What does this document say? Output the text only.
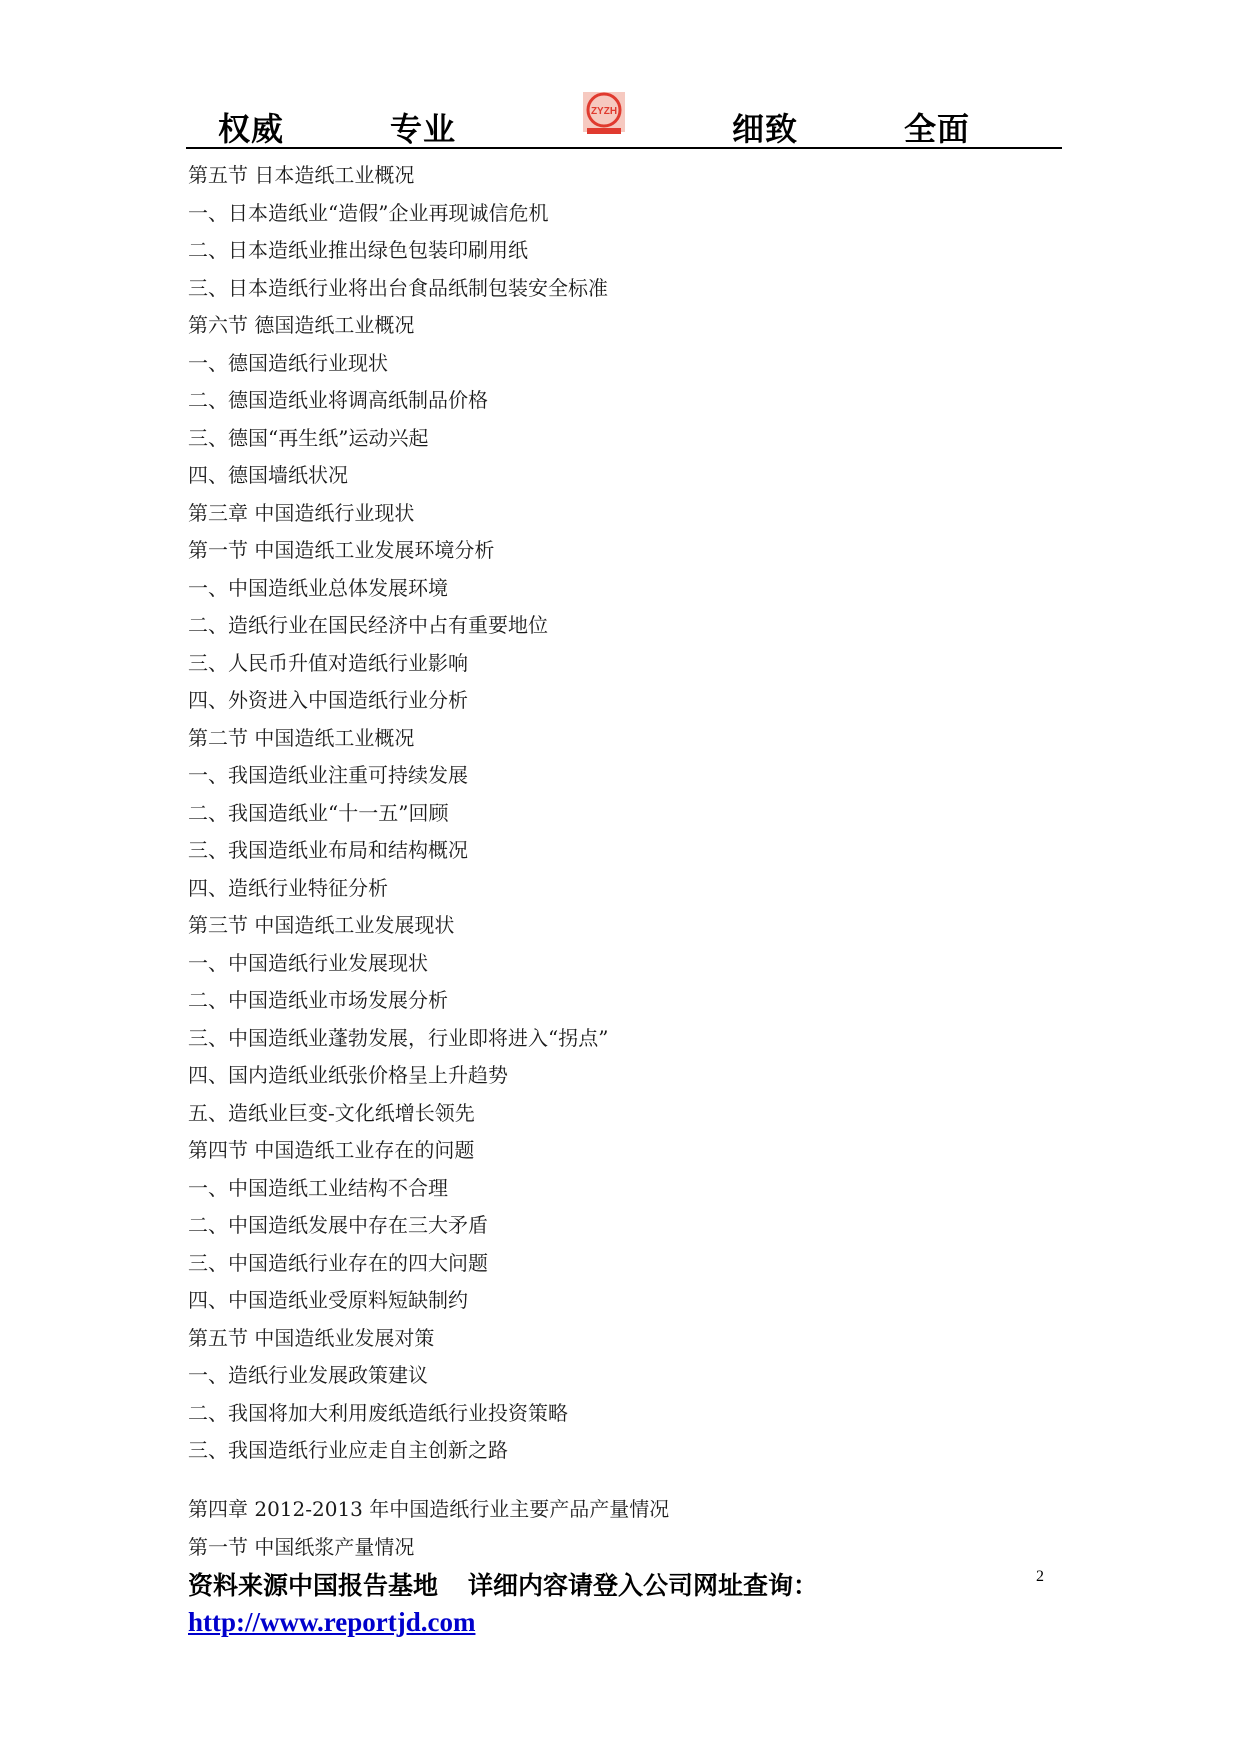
权威	专业	ZYZH	细致	全面
第五节 日本造纸工业概况
一、日本造纸业“造假”企业再现诚信危机
二、日本造纸业推出绿色包装印刷用纸
三、日本造纸行业将出台食品纸制包装安全标准
第六节 德国造纸工业概况
一、德国造纸行业现状
二、德国造纸业将调高纸制品价格
三、德国“再生纸”运动兴起
四、德国墙纸状况
第三章 中国造纸行业现状
第一节 中国造纸工业发展环境分析
一、中国造纸业总体发展环境
二、造纸行业在国民经济中占有重要地位
三、人民币升值对造纸行业影响
四、外资进入中国造纸行业分析
第二节 中国造纸工业概况
一、我国造纸业注重可持续发展
二、我国造纸业“十一五”回顾
三、我国造纸业布局和结构概况
四、造纸行业特征分析
第三节 中国造纸工业发展现状
一、中国造纸行业发展现状
二、中国造纸业市场发展分析
三、中国造纸业蓬勃发展，行业即将进入“拐点”
四、国内造纸业纸张价格呈上升趋势
五、造纸业巨变-文化纸增长领先
第四节 中国造纸工业存在的问题
一、中国造纸工业结构不合理
二、中国造纸发展中存在三大矛盾
三、中国造纸行业存在的四大问题
四、中国造纸业受原料短缺制约
第五节 中国造纸业发展对策
一、造纸行业发展政策建议
二、我国将加大利用废纸造纸行业投资策略
三、我国造纸行业应走自主创新之路
第四章 2012-2013 年中国造纸行业主要产品产量情况
第一节 中国纸浆产量情况
资料来源中国报告基地 详细内容请登入公司网址查询：
http://www.reportjd.com
2
